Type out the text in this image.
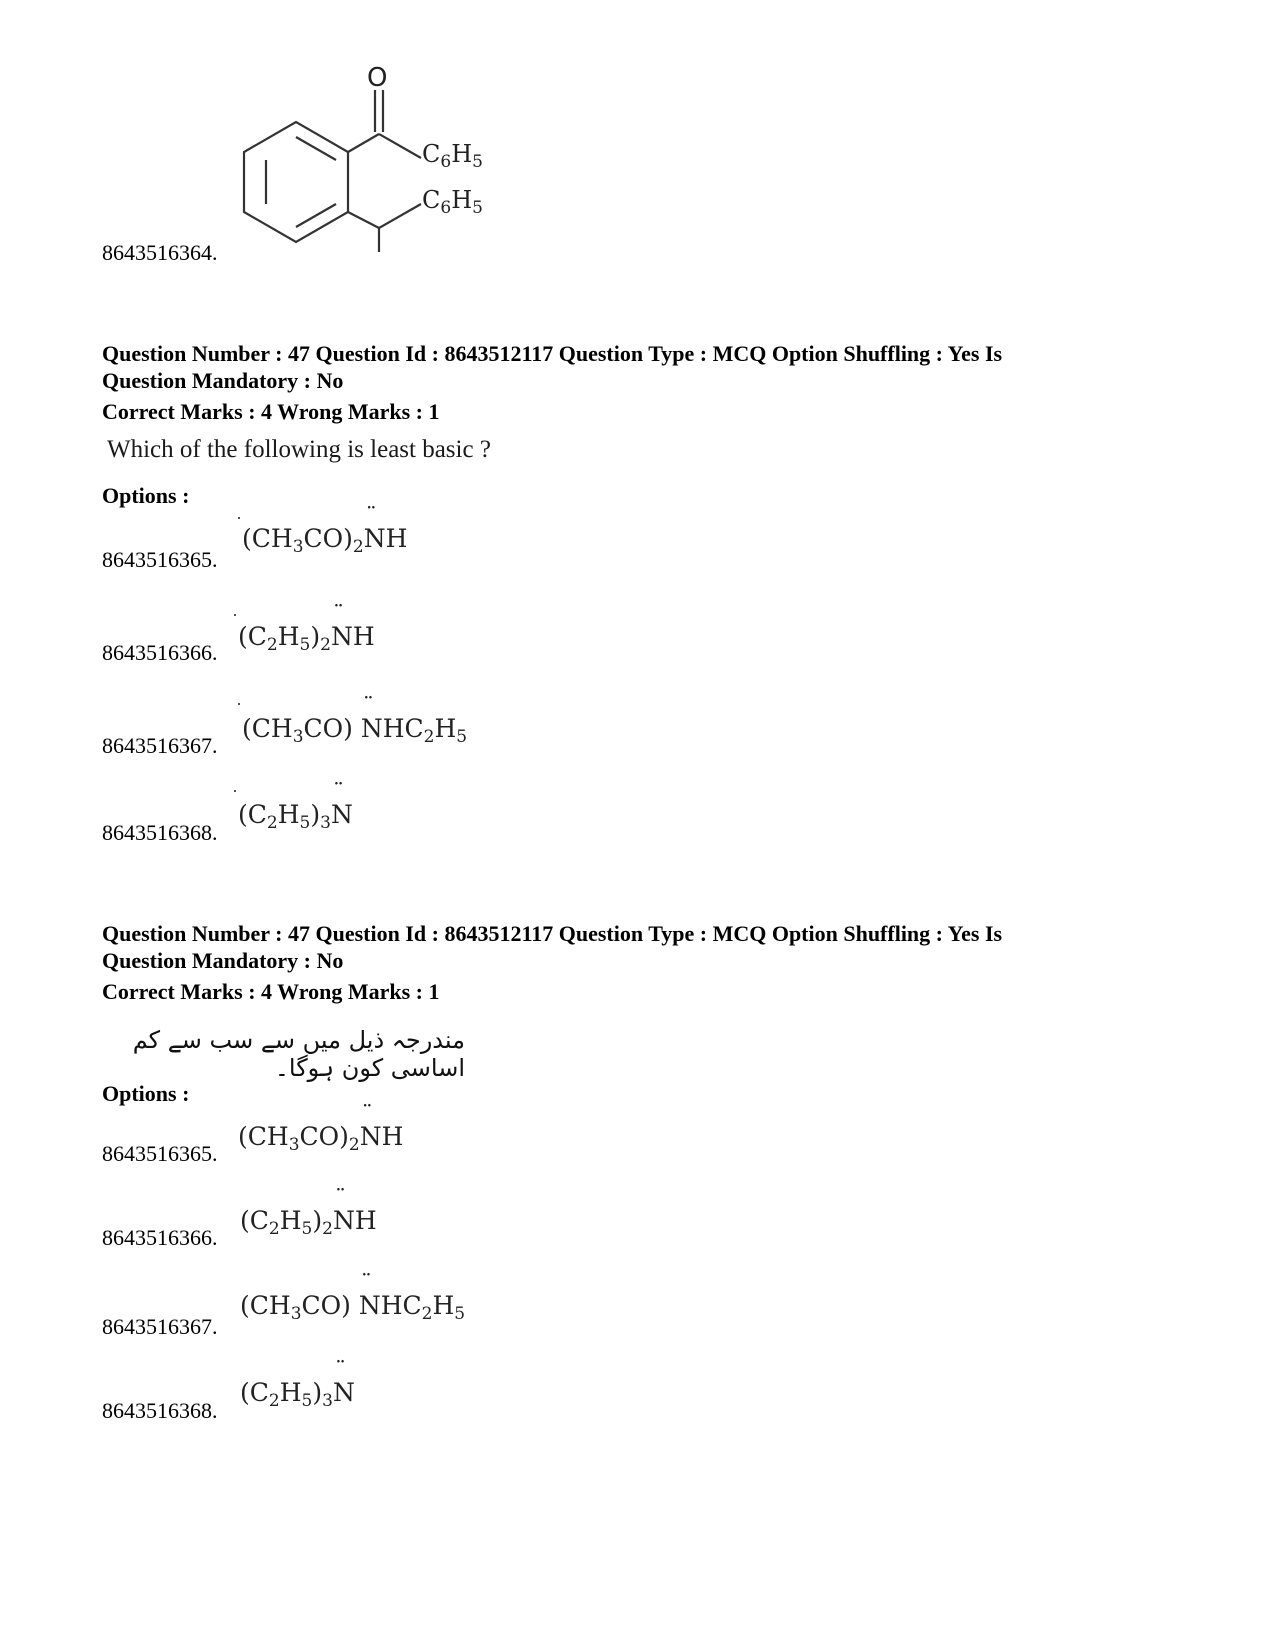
O
$C_6H_5$
$C_6H_5$
8643516364.
Question Number : 47 Question Id : 8643512117 Question Type : MCQ Option Shuffling : Yes Is
Question Mandatory : No
Correct Marks : 4 Wrong Marks : 1
Which of the following is least basic ?
Options :
8643516365.
$(CH_3CO)_2¨$ NH
8643516366.
$(C_2H_5)_2¨$ NH
8643516367.
$(CH_3CO)$ ¨ $NHC_2H_5$
8643516368.
$(C_2H_5)_3¨$ N
Question Number : 47 Question Id : 8643512117 Question Type : MCQ Option Shuffling : Yes Is
Question Mandatory : No
Correct Marks : 4 Wrong Marks : 1
مندرجہ ذیل میں سے سب سے کم اساسی کون ہوگا۔
Options :
8643516365.
$(CH_3CO)_2¨$ NH
8643516366.
$(C_2H_5)_2¨$ NH
8643516367.
$(CH_3CO)$ ¨ $NHC_2H_5$
8643516368.
$(C_2H_5)_3¨$ N
